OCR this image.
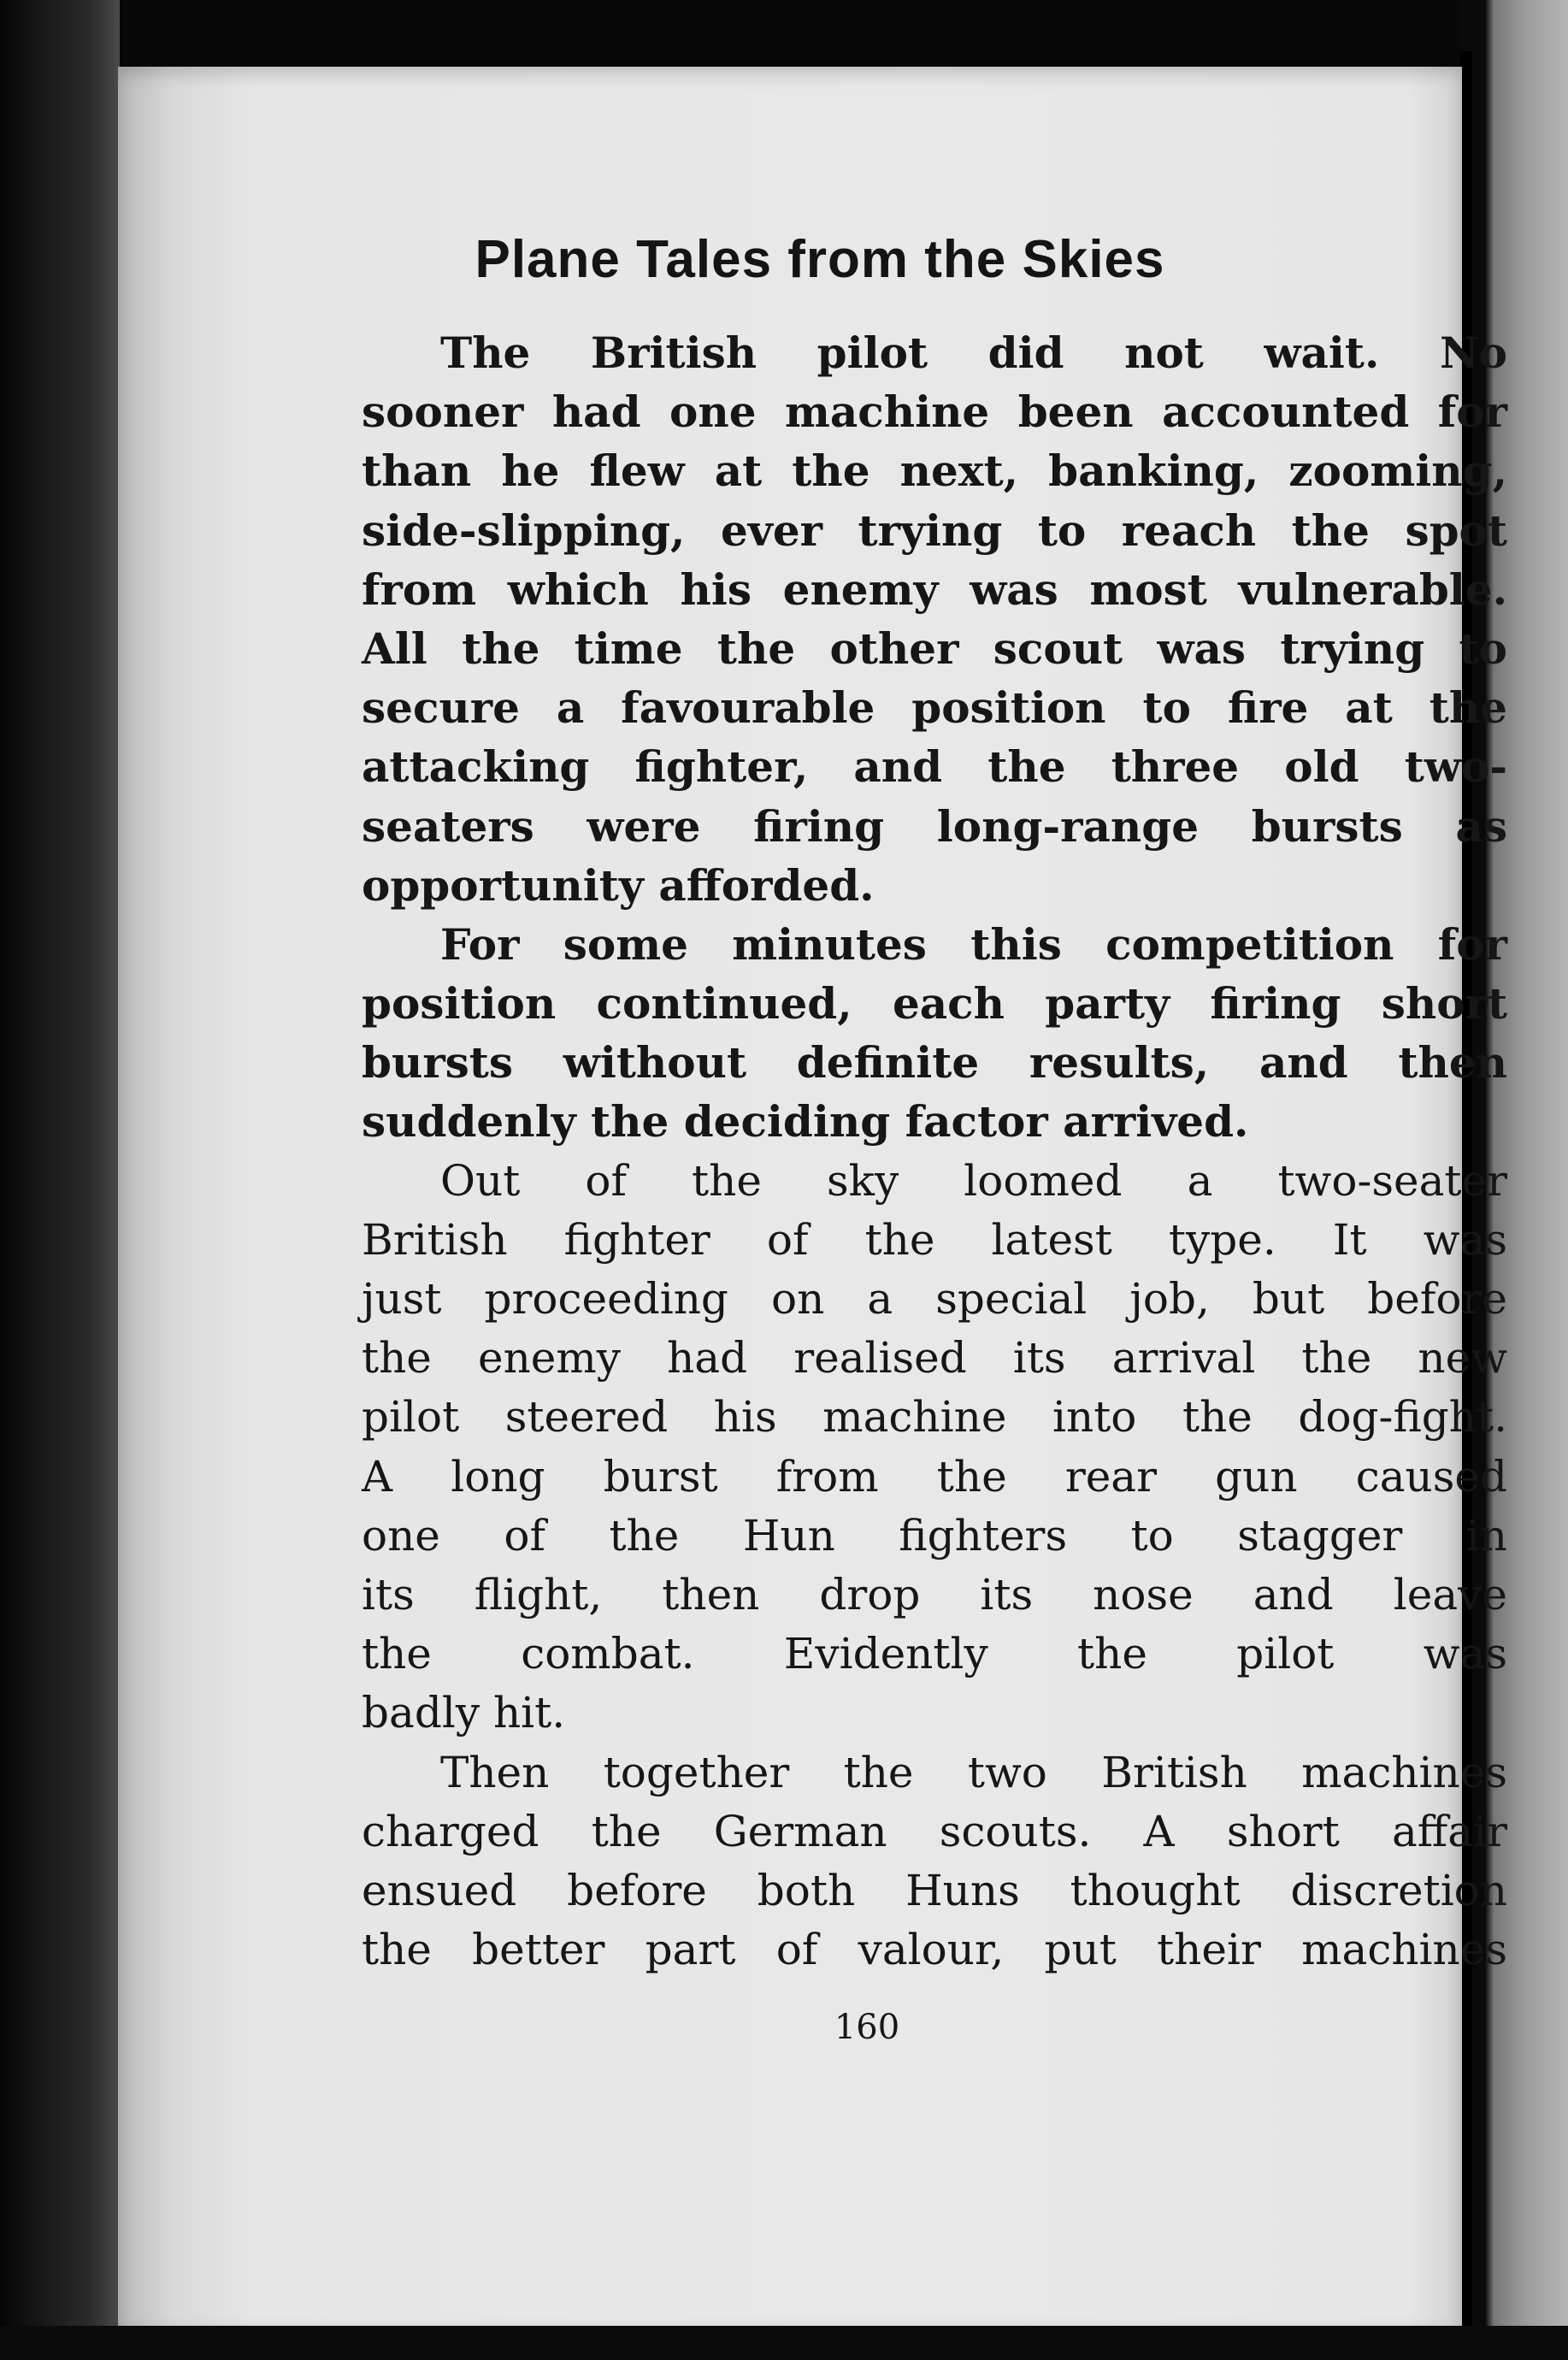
Plane Tales from the Skies
The British pilot did not wait. No
sooner had one machine been accounted for
than he flew at the next, banking, zooming,
side-slipping, ever trying to reach the spot
from which his enemy was most vulnerable.
All the time the other scout was trying to
secure a favourable position to fire at the
attacking fighter, and the three old two-
seaters were firing long-range bursts as
opportunity afforded.
For some minutes this competition for
position continued, each party firing short
bursts without definite results, and then
suddenly the deciding factor arrived.
Out of the sky loomed a two-seater
British fighter of the latest type. It was
just proceeding on a special job, but before
the enemy had realised its arrival the new
pilot steered his machine into the dog-fight.
A long burst from the rear gun caused
one of the Hun fighters to stagger in
its flight, then drop its nose and leave
the combat. Evidently the pilot was
badly hit.
Then together the two British machines
charged the German scouts. A short affair
ensued before both Huns thought discretion
the better part of valour, put their machines
160
